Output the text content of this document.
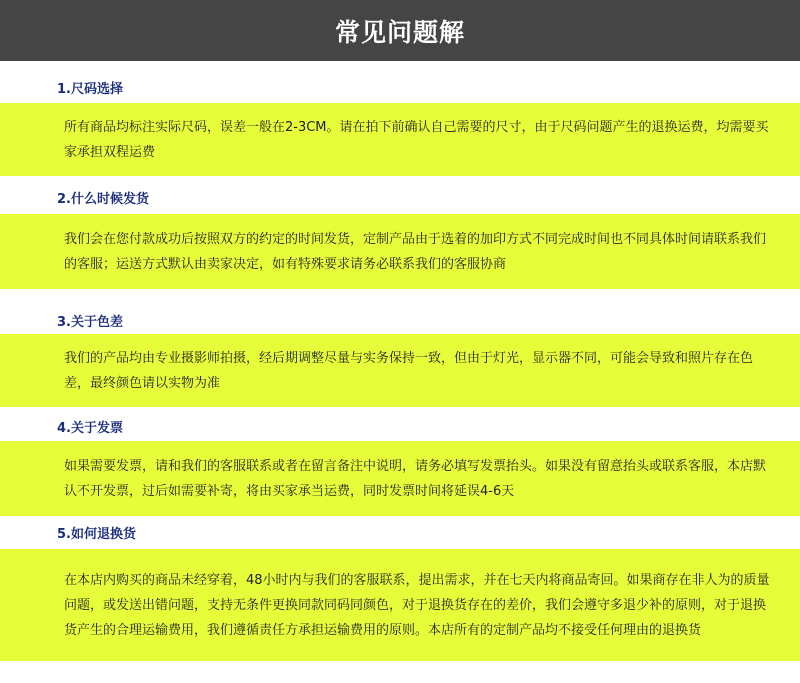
常见问题解
1.尺码选择
所有商品均标注实际尺码，误差一般在2-3CM。请在拍下前确认自己需要的尺寸，由于尺码问题产生的退换运费，均需要买家承担双程运费
2.什么时候发货
我们会在您付款成功后按照双方的约定的时间发货，定制产品由于选着的加印方式不同完成时间也不同具体时间请联系我们的客服；运送方式默认由卖家决定，如有特殊要求请务必联系我们的客服协商
3.关于色差
我们的产品均由专业摄影师拍摄，经后期调整尽量与实务保持一致，但由于灯光，显示器不同，可能会导致和照片存在色差，最终颜色请以实物为准
4.关于发票
如果需要发票，请和我们的客服联系或者在留言备注中说明，请务必填写发票抬头。如果没有留意抬头或联系客服，本店默认不开发票，过后如需要补寄，将由买家承当运费，同时发票时间将延误4-6天
5.如何退换货
在本店内购买的商品未经穿着，48小时内与我们的客服联系，提出需求，并在七天内将商品寄回。如果商存在非人为的质量问题，或发送出错问题，支持无条件更换同款同码同颜色，对于退换货存在的差价，我们会遵守多退少补的原则，对于退换货产生的合理运输费用，我们遵循责任方承担运输费用的原则。本店所有的定制产品均不接受任何理由的退换货
